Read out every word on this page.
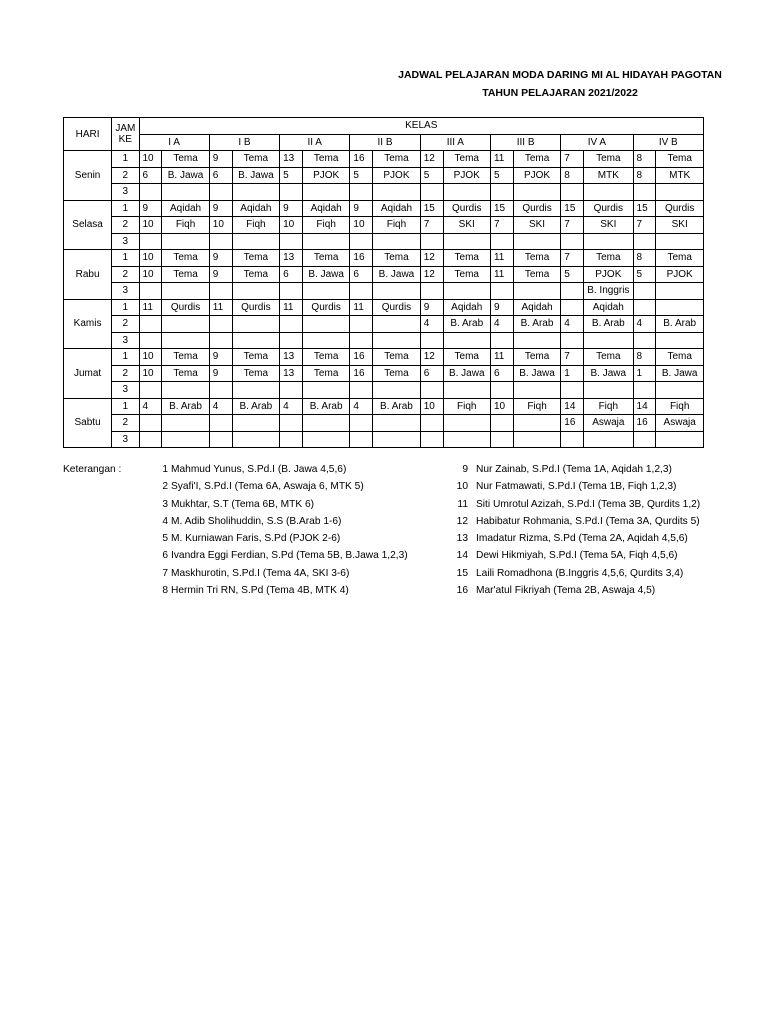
JADWAL PELAJARAN MODA DARING MI AL HIDAYAH PAGOTAN
TAHUN PELAJARAN 2021/2022
HARI	JAM KE	KELAS															
		I A		I B		II A		II B		III A		III B		IV A		IV B	
Senin	1	10	Tema	9	Tema	13	Tema	16	Tema	12	Tema	11	Tema	7	Tema	8	Tema
	2	6	B. Jawa	6	B. Jawa	5	PJOK	5	PJOK	5	PJOK	5	PJOK	8	MTK	8	MTK
	3																
Selasa	1	9	Aqidah	9	Aqidah	9	Aqidah	9	Aqidah	15	Qurdis	15	Qurdis	15	Qurdis	15	Qurdis
	2	10	Fiqh	10	Fiqh	10	Fiqh	10	Fiqh	7	SKI	7	SKI	7	SKI	7	SKI
	3																
Rabu	1	10	Tema	9	Tema	13	Tema	16	Tema	12	Tema	11	Tema	7	Tema	8	Tema
	2	10	Tema	9	Tema	6	B. Jawa	6	B. Jawa	12	Tema	11	Tema	5	PJOK	5	PJOK
	3														B. Inggris		
Kamis	1	11	Qurdis	11	Qurdis	11	Qurdis	11	Qurdis	9	Aqidah	9	Aqidah		Aqidah		
	2									4	B. Arab	4	B. Arab	4	B. Arab	4	B. Arab
	3																
Jumat	1	10	Tema	9	Tema	13	Tema	16	Tema	12	Tema	11	Tema	7	Tema	8	Tema
	2	10	Tema	9	Tema	13	Tema	16	Tema	6	B. Jawa	6	B. Jawa	1	B. Jawa	1	B. Jawa
	3																
Sabtu	1	4	B. Arab	4	B. Arab	4	B. Arab	4	B. Arab	10	Fiqh	10	Fiqh	14	Fiqh	14	Fiqh
	2													16	Aswaja	16	Aswaja
	3																
Keterangan :	1 Mahmud Yunus, S.Pd.I (B. Jawa 4,5,6)
2 Syafi'I, S.Pd.I (Tema 6A, Aswaja 6, MTK 5)
3 Mukhtar, S.T (Tema 6B, MTK 6)
4 M. Adib Sholihuddin, S.S (B.Arab 1-6)
5 M. Kurniawan Faris, S.Pd (PJOK 2-6)
6 Ivandra Eggi Ferdian, S.Pd (Tema 5B, B.Jawa 1,2,3)
7 Maskhurotin, S.Pd.I (Tema 4A, SKI 3-6)
8 Hermin Tri RN, S.Pd (Tema 4B, MTK 4)
9 Nur Zainab, S.Pd.I (Tema 1A, Aqidah 1,2,3)
10 Nur Fatmawati, S.Pd.I (Tema 1B, Fiqh 1,2,3)
11 Siti Umrotul Azizah, S.Pd.I (Tema 3B, Qurdits 1,2)
12 Habibatur Rohmania, S.Pd.I (Tema 3A, Qurdits 5)
13 Imadatur Rizma, S.Pd (Tema 2A, Aqidah 4,5,6)
14 Dewi Hikmiyah, S.Pd.I (Tema 5A, Fiqh 4,5,6)
15 Laili Romadhona (B.Inggris 4,5,6, Qurdits 3,4)
16 Mar'atul Fikriyah (Tema 2B, Aswaja 4,5)
